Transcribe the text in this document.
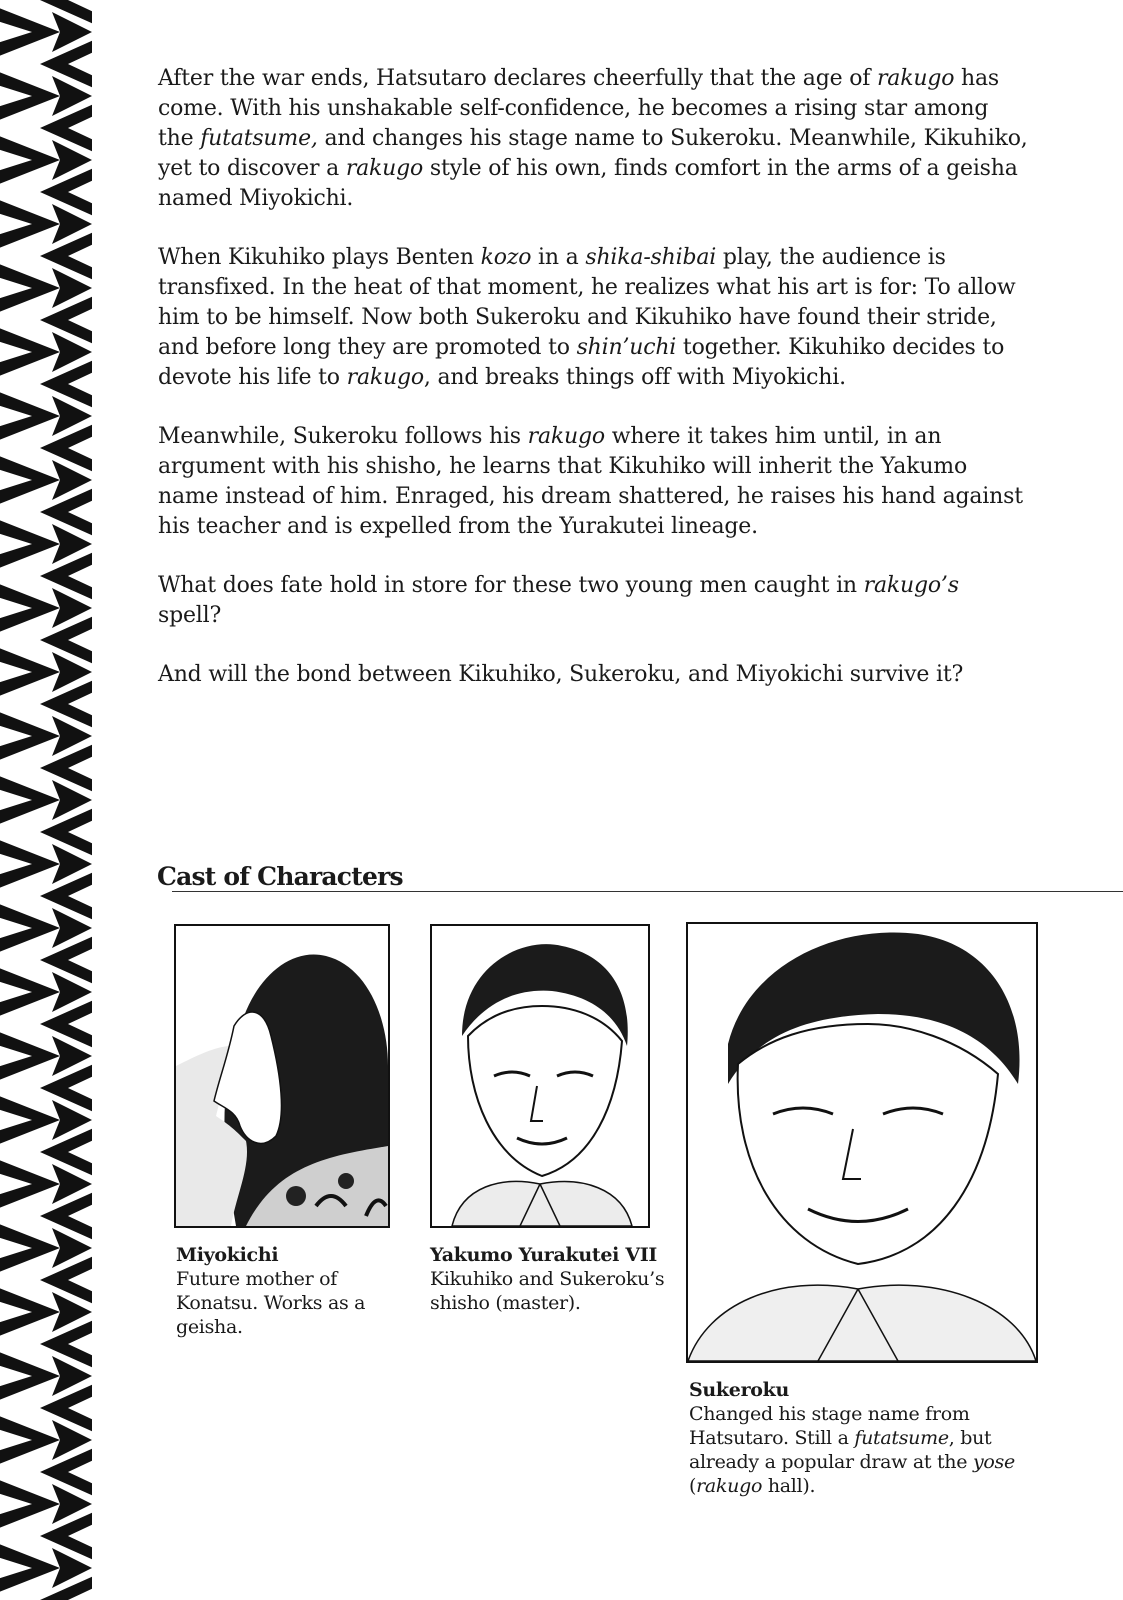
After the war ends, Hatsutaro declares cheerfully that the age of rakugo has come. With his unshakable self-confidence, he becomes a rising star among the futatsume, and changes his stage name to Sukeroku. Meanwhile, Kikuhiko, yet to discover a rakugo style of his own, finds comfort in the arms of a geisha named Miyokichi.

When Kikuhiko plays Benten kozo in a shika-shibai play, the audience is transfixed. In the heat of that moment, he realizes what his art is for: To allow him to be himself. Now both Sukeroku and Kikuhiko have found their stride, and before long they are promoted to shin’uchi together. Kikuhiko decides to devote his life to rakugo, and breaks things off with Miyokichi.

Meanwhile, Sukeroku follows his rakugo where it takes him until, in an argument with his shisho, he learns that Kikuhiko will inherit the Yakumo name instead of him. Enraged, his dream shattered, he raises his hand against his teacher and is expelled from the Yurakutei lineage.

What does fate hold in store for these two young men caught in rakugo’s spell?

And will the bond between Kikuhiko, Sukeroku, and Miyokichi survive it?

Cast of Characters
Miyokichi
Future mother of Konatsu. Works as a geisha.
Yakumo Yurakutei VII
Kikuhiko and Sukeroku’s shisho (master).
Sukeroku
Changed his stage name from Hatsutaro. Still a futatsume, but already a popular draw at the yose (rakugo hall).
